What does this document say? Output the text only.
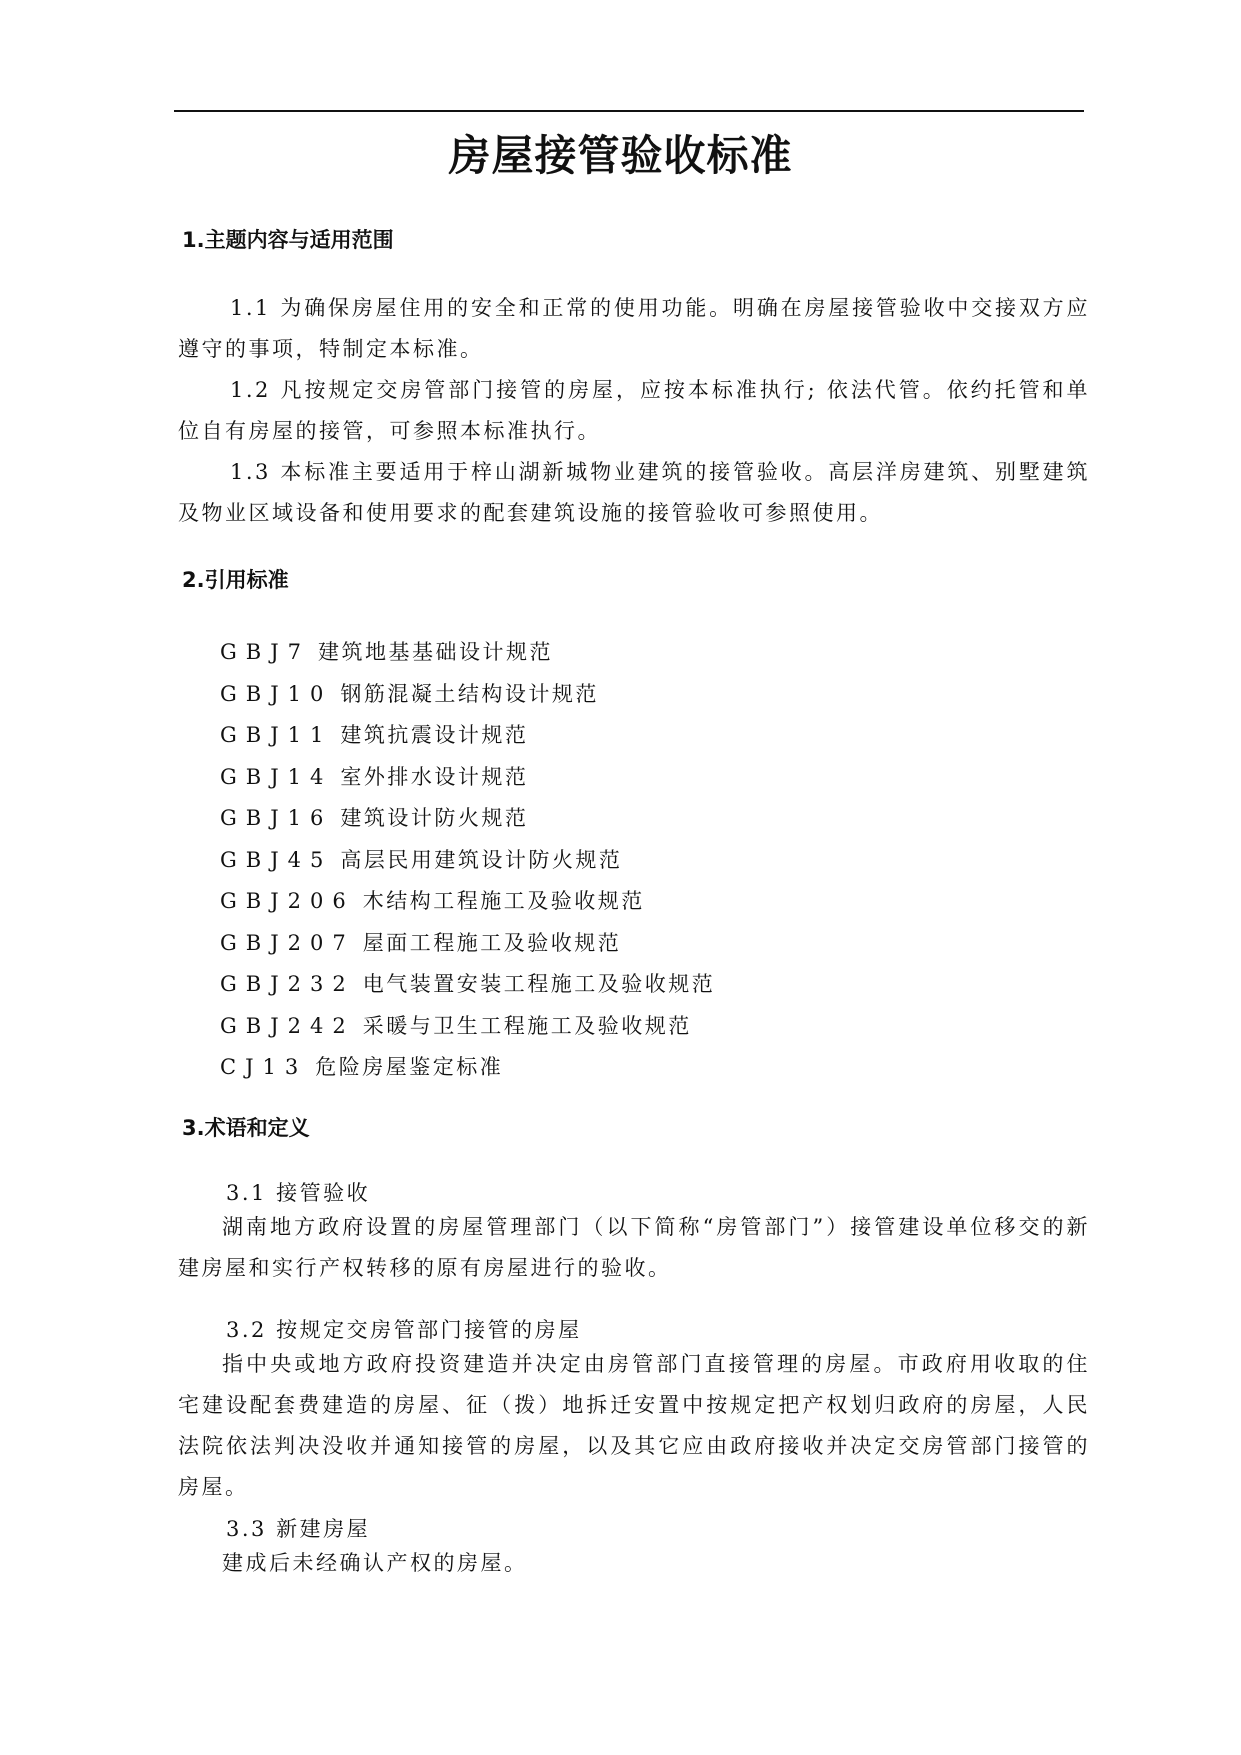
房屋接管验收标准
1.主题内容与适用范围
1.1 为确保房屋住用的安全和正常的使用功能。明确在房屋接管验收中交接双方应遵守的事项，特制定本标准。
1.2 凡按规定交房管部门接管的房屋，应按本标准执行; 依法代管。依约托管和单位自有房屋的接管，可参照本标准执行。
1.3 本标准主要适用于梓山湖新城物业建筑的接管验收。高层洋房建筑、别墅建筑及物业区域设备和使用要求的配套建筑设施的接管验收可参照使用。
2.引用标准
GBJ7 建筑地基基础设计规范
GBJ10 钢筋混凝土结构设计规范
GBJ11 建筑抗震设计规范
GBJ14 室外排水设计规范
GBJ16 建筑设计防火规范
GBJ45 高层民用建筑设计防火规范
GBJ206 木结构工程施工及验收规范
GBJ207 屋面工程施工及验收规范
GBJ232 电气装置安装工程施工及验收规范
GBJ242 采暖与卫生工程施工及验收规范
CJ13 危险房屋鉴定标准
3.术语和定义
3.1 接管验收
湖南地方政府设置的房屋管理部门（以下简称“房管部门”）接管建设单位移交的新建房屋和实行产权转移的原有房屋进行的验收。
3.2 按规定交房管部门接管的房屋
指中央或地方政府投资建造并决定由房管部门直接管理的房屋。市政府用收取的住宅建设配套费建造的房屋、征（拨）地拆迁安置中按规定把产权划归政府的房屋，人民法院依法判决没收并通知接管的房屋，以及其它应由政府接收并决定交房管部门接管的房屋。
3.3 新建房屋
建成后未经确认产权的房屋。
